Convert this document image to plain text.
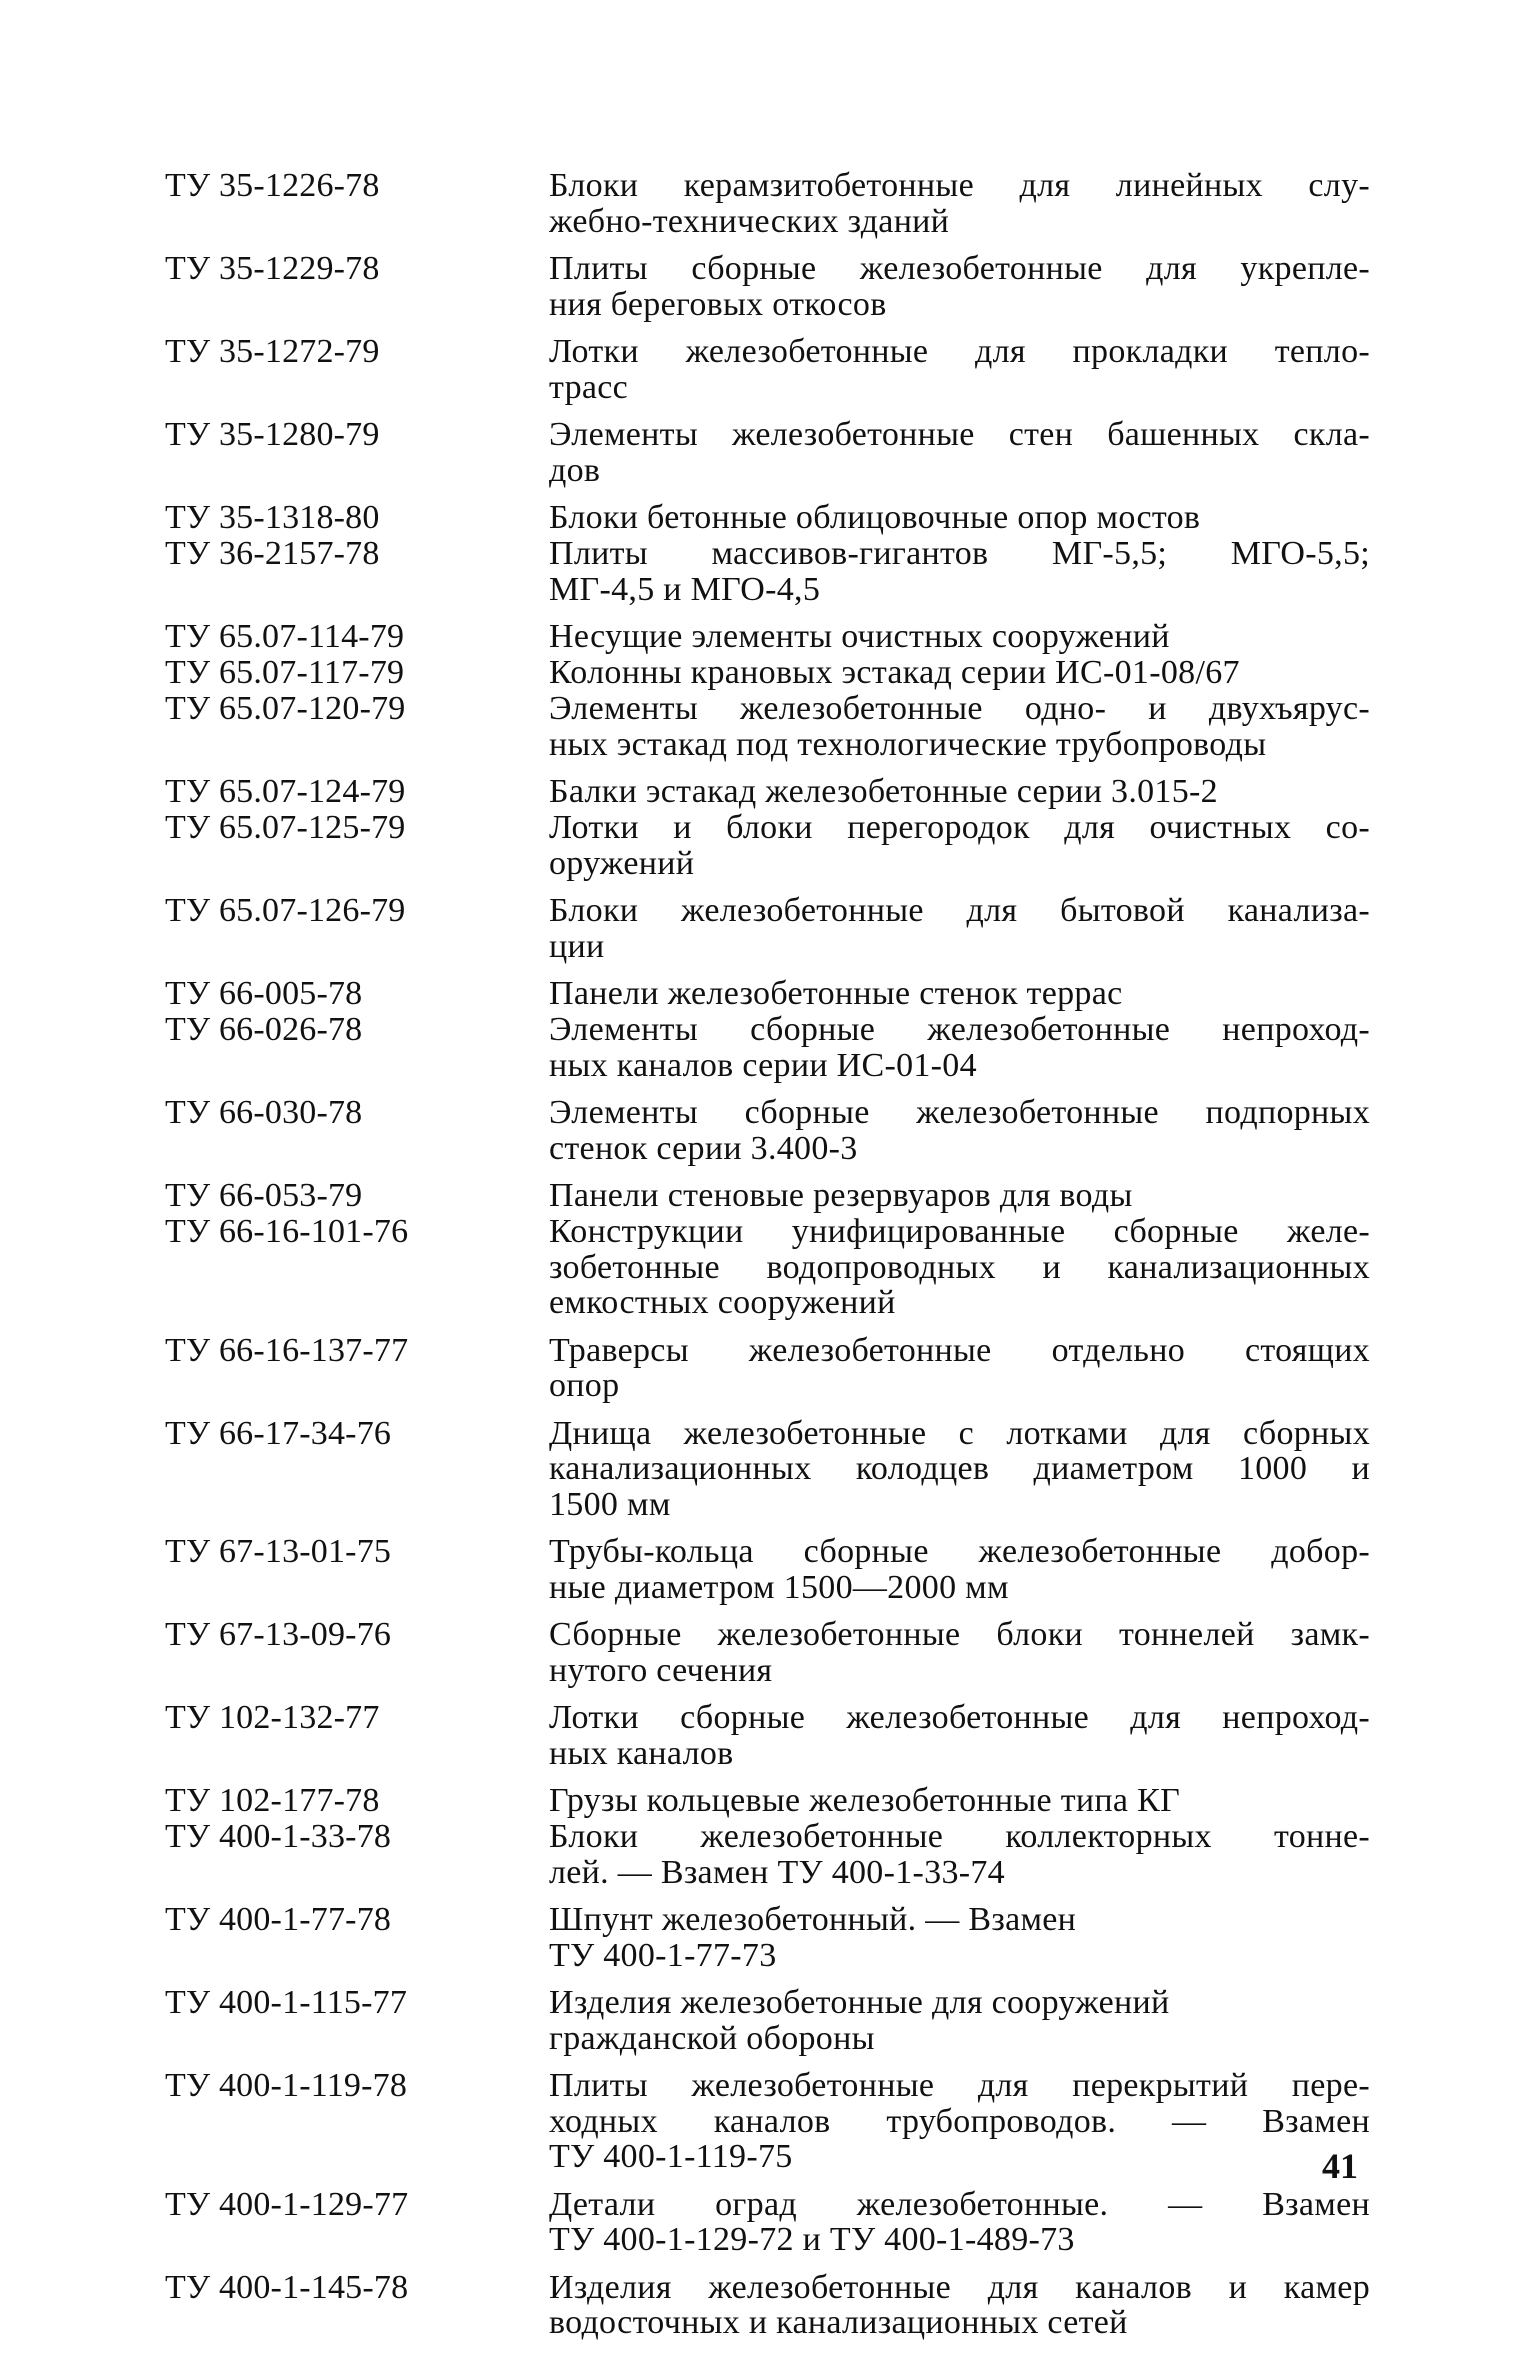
ТУ 35-1226-78	Блоки керамзитобетонные для линейных слу-
жебно-технических зданий
ТУ 35-1229-78	Плиты сборные железобетонные для укрепле-
ния береговых откосов
ТУ 35-1272-79	Лотки железобетонные для прокладки тепло-
трасс
ТУ 35-1280-79	Элементы железобетонные стен башенных скла-
дов
ТУ 35-1318-80	Блоки бетонные облицовочные опор мостов
ТУ 36-2157-78	Плиты массивов-гигантов МГ-5,5; МГО-5,5;
МГ-4,5 и МГО-4,5
ТУ 65.07-114-79	Несущие элементы очистных сооружений
ТУ 65.07-117-79	Колонны крановых эстакад серии ИС-01-08/67
ТУ 65.07-120-79	Элементы железобетонные одно- и двухъярус-
ных эстакад под технологические трубопроводы
ТУ 65.07-124-79	Балки эстакад железобетонные серии 3.015-2
ТУ 65.07-125-79	Лотки и блоки перегородок для очистных со-
оружений
ТУ 65.07-126-79	Блоки железобетонные для бытовой канализа-
ции
ТУ 66-005-78	Панели железобетонные стенок террас
ТУ 66-026-78	Элементы сборные железобетонные непроход-
ных каналов серии ИС-01-04
ТУ 66-030-78	Элементы сборные железобетонные подпорных
стенок серии 3.400-3
ТУ 66-053-79	Панели стеновые резервуаров для воды
ТУ 66-16-101-76	Конструкции унифицированные сборные желе-
зобетонные водопроводных и канализационных
емкостных сооружений
ТУ 66-16-137-77	Траверсы железобетонные отдельно стоящих
опор
ТУ 66-17-34-76	Днища железобетонные с лотками для сборных
канализационных колодцев диаметром 1000 и
1500 мм
ТУ 67-13-01-75	Трубы-кольца сборные железобетонные добор-
ные диаметром 1500—2000 мм
ТУ 67-13-09-76	Сборные железобетонные блоки тоннелей замк-
нутого сечения
ТУ 102-132-77	Лотки сборные железобетонные для непроход-
ных каналов
ТУ 102-177-78	Грузы кольцевые железобетонные типа КГ
ТУ 400-1-33-78	Блоки железобетонные коллекторных тонне-
лей. — Взамен ТУ 400-1-33-74
ТУ 400-1-77-78	Шпунт железобетонный. — Взамен
ТУ 400-1-77-73
ТУ 400-1-115-77	Изделия железобетонные для сооружений
гражданской обороны
ТУ 400-1-119-78	Плиты железобетонные для перекрытий пере-
ходных каналов трубопроводов. — Взамен
ТУ 400-1-119-75
ТУ 400-1-129-77	Детали оград железобетонные. — Взамен
ТУ 400-1-129-72 и ТУ 400-1-489-73
ТУ 400-1-145-78	Изделия железобетонные для каналов и камер
водосточных и канализационных сетей
41
